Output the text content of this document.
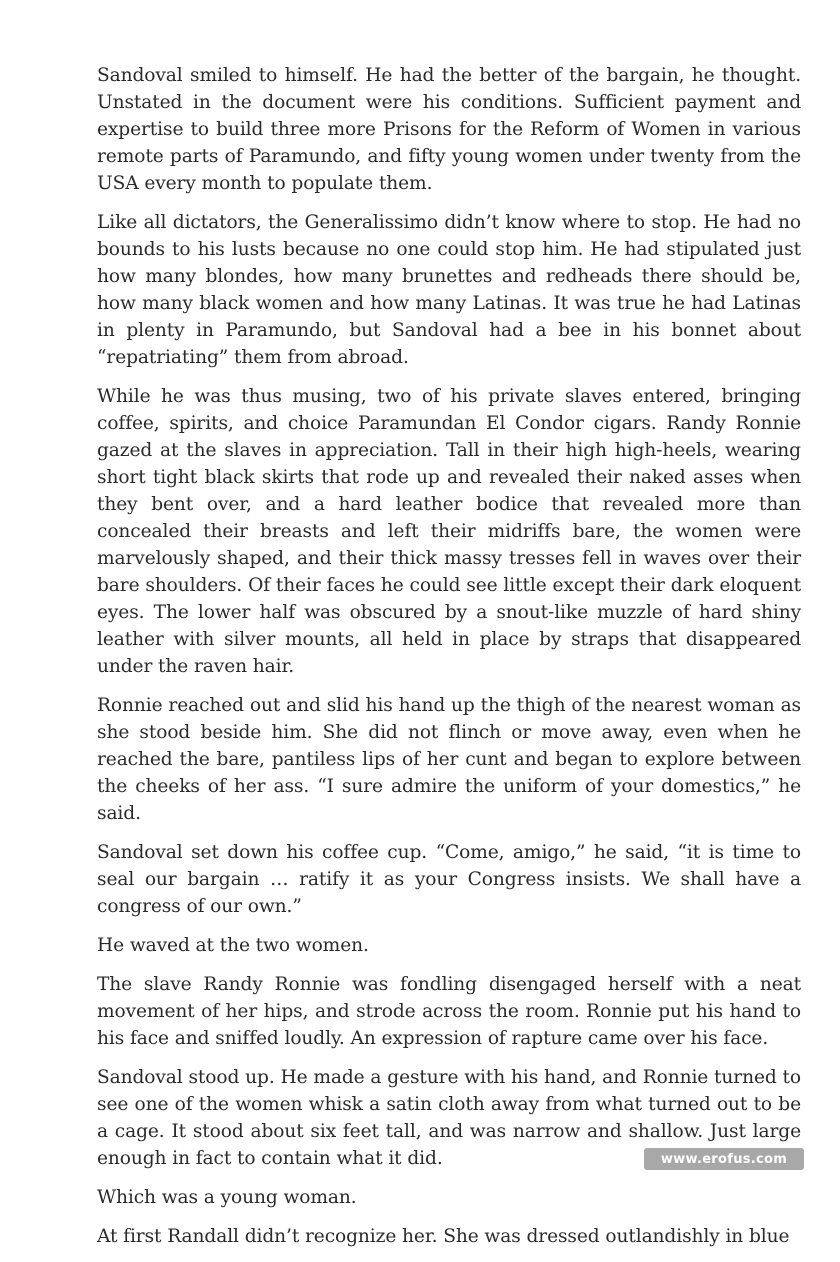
Sandoval smiled to himself. He had the better of the bargain, he thought. Unstated in the document were his conditions. Sufficient payment and expertise to build three more Prisons for the Reform of Women in various remote parts of Paramundo, and fifty young women under twenty from the USA every month to populate them.

Like all dictators, the Generalissimo didn’t know where to stop. He had no bounds to his lusts because no one could stop him. He had stipulated just how many blondes, how many brunettes and redheads there should be, how many black women and how many Latinas. It was true he had Latinas in plenty in Paramundo, but Sandoval had a bee in his bonnet about “repatriating” them from abroad.

While he was thus musing, two of his private slaves entered, bringing coffee, spirits, and choice Paramundan El Condor cigars. Randy Ronnie gazed at the slaves in appreciation. Tall in their high high-heels, wearing short tight black skirts that rode up and revealed their naked asses when they bent over, and a hard leather bodice that revealed more than concealed their breasts and left their midriffs bare, the women were marvelously shaped, and their thick massy tresses fell in waves over their bare shoulders. Of their faces he could see little except their dark eloquent eyes. The lower half was obscured by a snout-like muzzle of hard shiny leather with silver mounts, all held in place by straps that disappeared under the raven hair.

Ronnie reached out and slid his hand up the thigh of the nearest woman as she stood beside him. She did not flinch or move away, even when he reached the bare, pantiless lips of her cunt and began to explore between the cheeks of her ass. “I sure admire the uniform of your domestics,” he said.

Sandoval set down his coffee cup. “Come, amigo,” he said, “it is time to seal our bargain … ratify it as your Congress insists. We shall have a congress of our own.”

He waved at the two women.

The slave Randy Ronnie was fondling disengaged herself with a neat movement of her hips, and strode across the room. Ronnie put his hand to his face and sniffed loudly. An expression of rapture came over his face.

Sandoval stood up. He made a gesture with his hand, and Ronnie turned to see one of the women whisk a satin cloth away from what turned out to be a cage. It stood about six feet tall, and was narrow and shallow. Just large enough in fact to contain what it did.

Which was a young woman.

At first Randall didn’t recognize her. She was dressed outlandishly in blue

www.erofus.com
